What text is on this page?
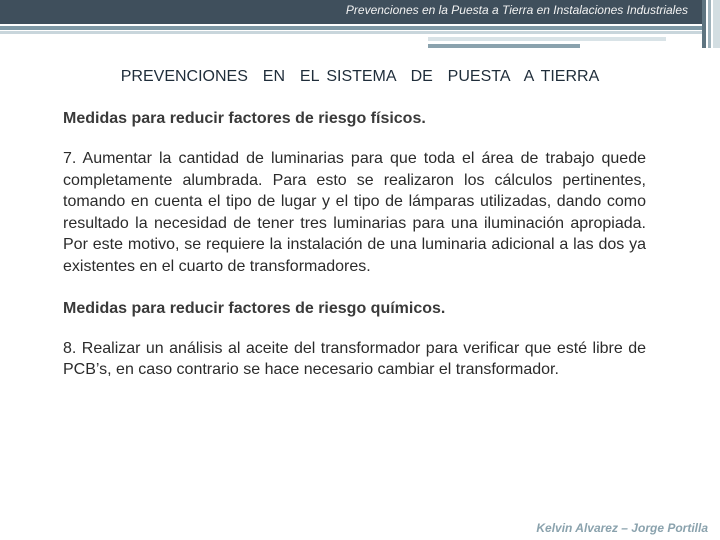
Prevenciones en la Puesta a Tierra en Instalaciones Industriales
PREVENCIONES  EN  EL SISTEMA  DE  PUESTA  A TIERRA

Medidas para reducir factores de riesgo físicos.

7. Aumentar la cantidad de luminarias para que toda el área de trabajo quede completamente alumbrada. Para esto se realizaron los cálculos pertinentes, tomando en cuenta el tipo de lugar y el tipo de lámparas utilizadas, dando como resultado la necesidad de tener tres luminarias para una iluminación apropiada. Por este motivo, se requiere la instalación de una luminaria adicional a las dos ya existentes en el cuarto de transformadores.

Medidas para reducir factores de riesgo químicos.

8. Realizar un análisis al aceite del transformador para verificar que esté libre de PCB’s, en caso contrario se hace necesario cambiar el transformador.

Kelvin Alvarez – Jorge Portilla
